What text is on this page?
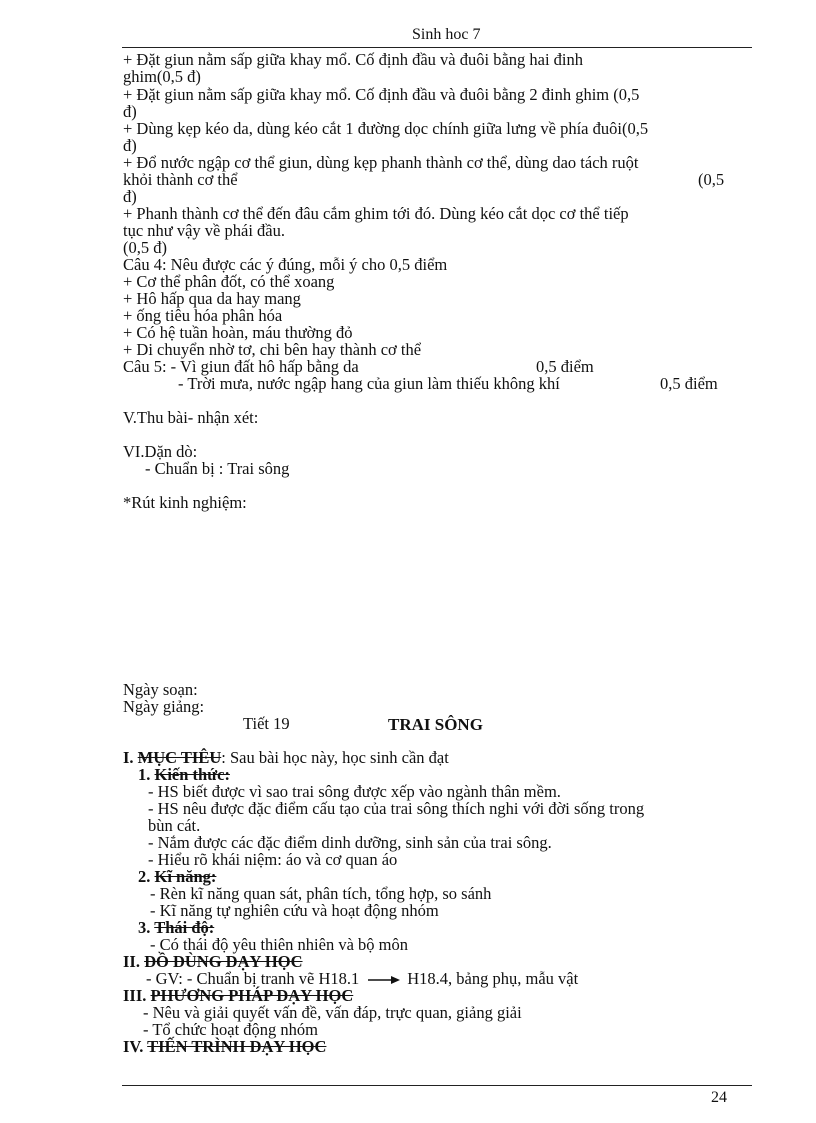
Sinh hoc 7
+ Đặt giun nằm sấp giữa khay mổ. Cố định đầu và đuôi bằng hai đinh
ghim(0,5 đ)
+ Đặt giun nằm sấp giữa khay mổ. Cố định đầu và đuôi bằng 2 đinh ghim (0,5
đ)
+ Dùng kẹp kéo da, dùng kéo cắt 1 đường dọc chính giữa lưng về phía đuôi(0,5
đ)
+ Đổ nước ngập cơ thể giun, dùng kẹp phanh thành cơ thể, dùng dao tách ruột
khỏi thành cơ thể	(0,5
đ)
+ Phanh thành cơ thể đến đâu cắm ghim tới đó. Dùng kéo cắt dọc cơ thể tiếp
tục như vậy về phái đầu.
(0,5 đ)
Câu 4: Nêu được các ý đúng, mỗi ý cho 0,5 điểm
+ Cơ thể phân đốt, có thể xoang
+ Hô hấp qua da hay mang
+ ống tiêu hóa phân hóa
+ Có hệ tuần hoàn, máu thường đỏ
+ Di chuyển nhờ tơ, chi bên hay thành cơ thể
Câu 5: - Vì giun đất hô hấp bằng da	0,5 điểm
- Trời mưa, nước ngập hang của giun làm thiếu không khí	0,5 điểm
V.Thu bài- nhận xét:
VI.Dặn dò:
- Chuẩn bị : Trai sông
*Rút kinh nghiệm:
Ngày soạn:
Ngày giảng:
Tiết 19	TRAI SÔNG
I. MỤC TIÊU: Sau bài học này, học sinh cần đạt
1. Kiến thức:
- HS biết được vì sao trai sông được xếp vào ngành thân mềm.
- HS nêu được đặc điểm cấu tạo của trai sông thích nghi với đời sống trong
bùn cát.
- Nắm được các đặc điểm dinh dưỡng, sinh sản của trai sông.
- Hiểu rõ khái niệm: áo và cơ quan áo
2. Kĩ năng:
- Rèn kĩ năng quan sát, phân tích, tổng hợp, so sánh
- Kĩ năng tự nghiên cứu và hoạt động nhóm
3. Thái độ:
- Có thái độ yêu thiên nhiên và bộ môn
II. ĐỒ DÙNG DẠY HỌC
- GV: - Chuẩn bị tranh vẽ H18.1	H18.4, bảng phụ, mẫu vật
III. PHƯƠNG PHÁP DẠY HỌC
- Nêu và giải quyết vấn đề, vấn đáp, trực quan, giảng giải
- Tổ chức hoạt động nhóm
IV. TIẾN TRÌNH DẠY HỌC
24
